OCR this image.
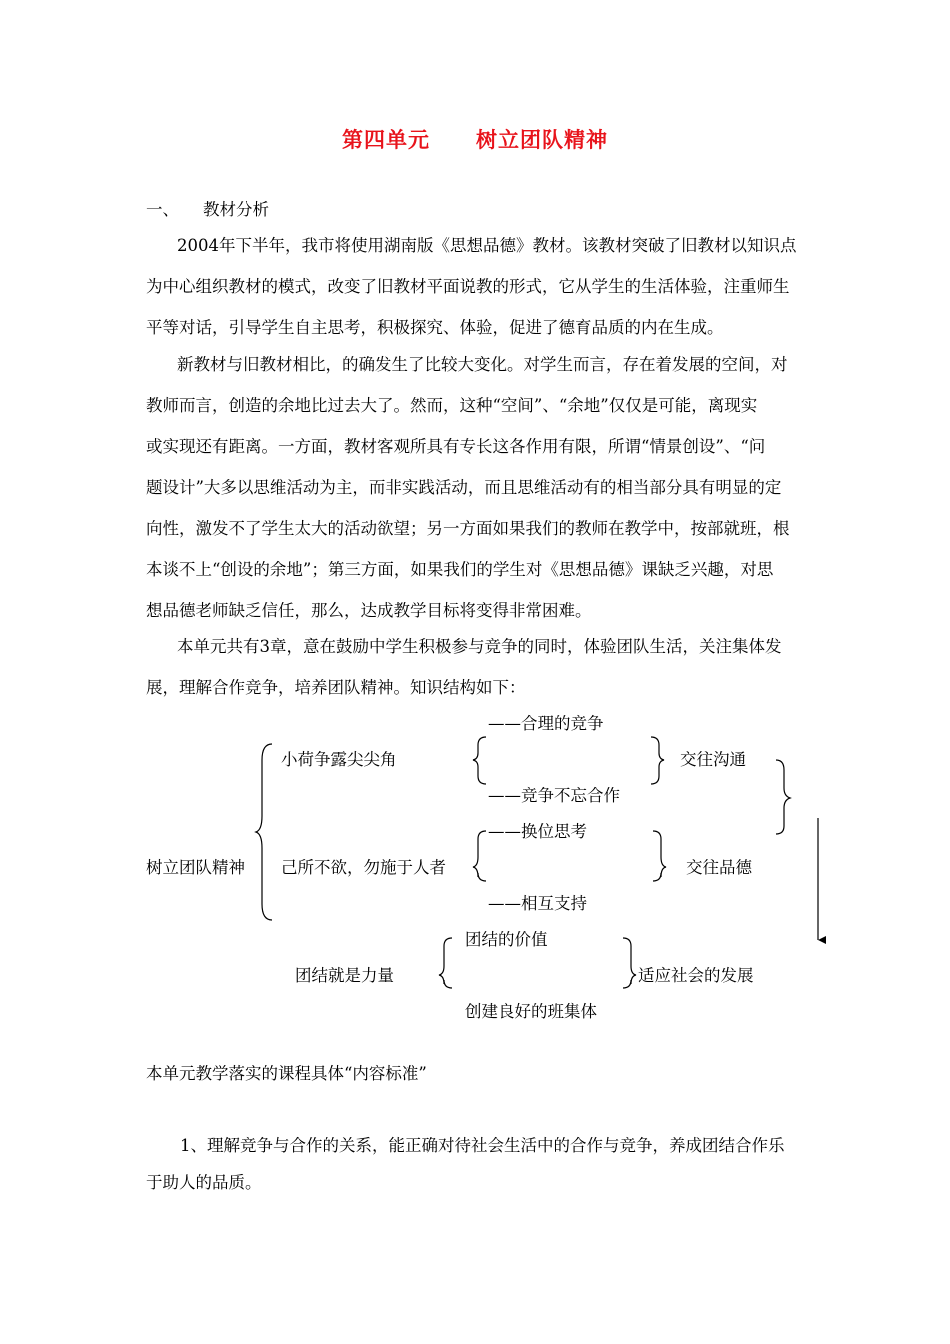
第四单元 树立团队精神
一、 教材分析
2004年下半年，我市将使用湖南版《思想品德》教材。该教材突破了旧教材以知识点
为中心组织教材的模式，改变了旧教材平面说教的形式，它从学生的生活体验，注重师生
平等对话，引导学生自主思考，积极探究、体验，促进了德育品质的内在生成。
新教材与旧教材相比，的确发生了比较大变化。对学生而言，存在着发展的空间，对
教师而言，创造的余地比过去大了。然而，这种“空间”、“余地”仅仅是可能，离现实
或实现还有距离。一方面，教材客观所具有专长这各作用有限，所谓“情景创设”、“问
题设计”大多以思维活动为主，而非实践活动，而且思维活动有的相当部分具有明显的定
向性，激发不了学生太大的活动欲望；另一方面如果我们的教师在教学中，按部就班，根
本谈不上“创设的余地”；第三方面，如果我们的学生对《思想品德》课缺乏兴趣，对思
想品德老师缺乏信任，那么，达成教学目标将变得非常困难。
本单元共有3章，意在鼓励中学生积极参与竞争的同时，体验团队生活，关注集体发
展，理解合作竞争，培养团队精神。知识结构如下：
树立团队精神
小荷争露尖尖角
——合理的竞争
——竞争不忘合作
交往沟通
己所不欲，勿施于人者
——换位思考
——相互支持
交往品德
团结就是力量
团结的价值
创建良好的班集体
适应社会的发展
本单元教学落实的课程具体“内容标准”
1、理解竞争与合作的关系，能正确对待社会生活中的合作与竞争，养成团结合作乐
于助人的品质。
